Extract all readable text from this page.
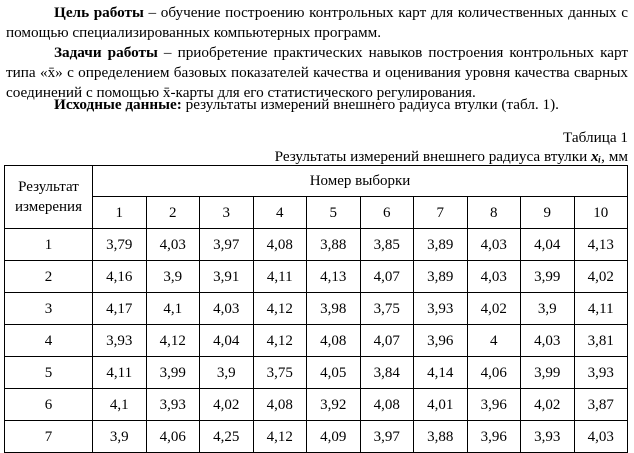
Цель работы – обучение построению контрольных карт для количественных данных с помощью специализированных компьютерных программ.

Задачи работы – приобретение практических навыков построения контрольных карт типа «x̄» с определением базовых показателей качества и оценивания уровня качества сварных соединений с помощью x̄-карты для его статистического регулирования.

Исходные данные: результаты измерений внешнего радиуса втулки (табл. 1).

Таблица 1
Результаты измерений внешнего радиуса втулки xᵢ, мм
Результат измерения	Номер выборки									
	1	2	3	4	5	6	7	8	9	10
1	3,79	4,03	3,97	4,08	3,88	3,85	3,89	4,03	4,04	4,13
2	4,16	3,9	3,91	4,11	4,13	4,07	3,89	4,03	3,99	4,02
3	4,17	4,1	4,03	4,12	3,98	3,75	3,93	4,02	3,9	4,11
4	3,93	4,12	4,04	4,12	4,08	4,07	3,96	4	4,03	3,81
5	4,11	3,99	3,9	3,75	4,05	3,84	4,14	4,06	3,99	3,93
6	4,1	3,93	4,02	4,08	3,92	4,08	4,01	3,96	4,02	3,87
7	3,9	4,06	4,25	4,12	4,09	3,97	3,88	3,96	3,93	4,03
